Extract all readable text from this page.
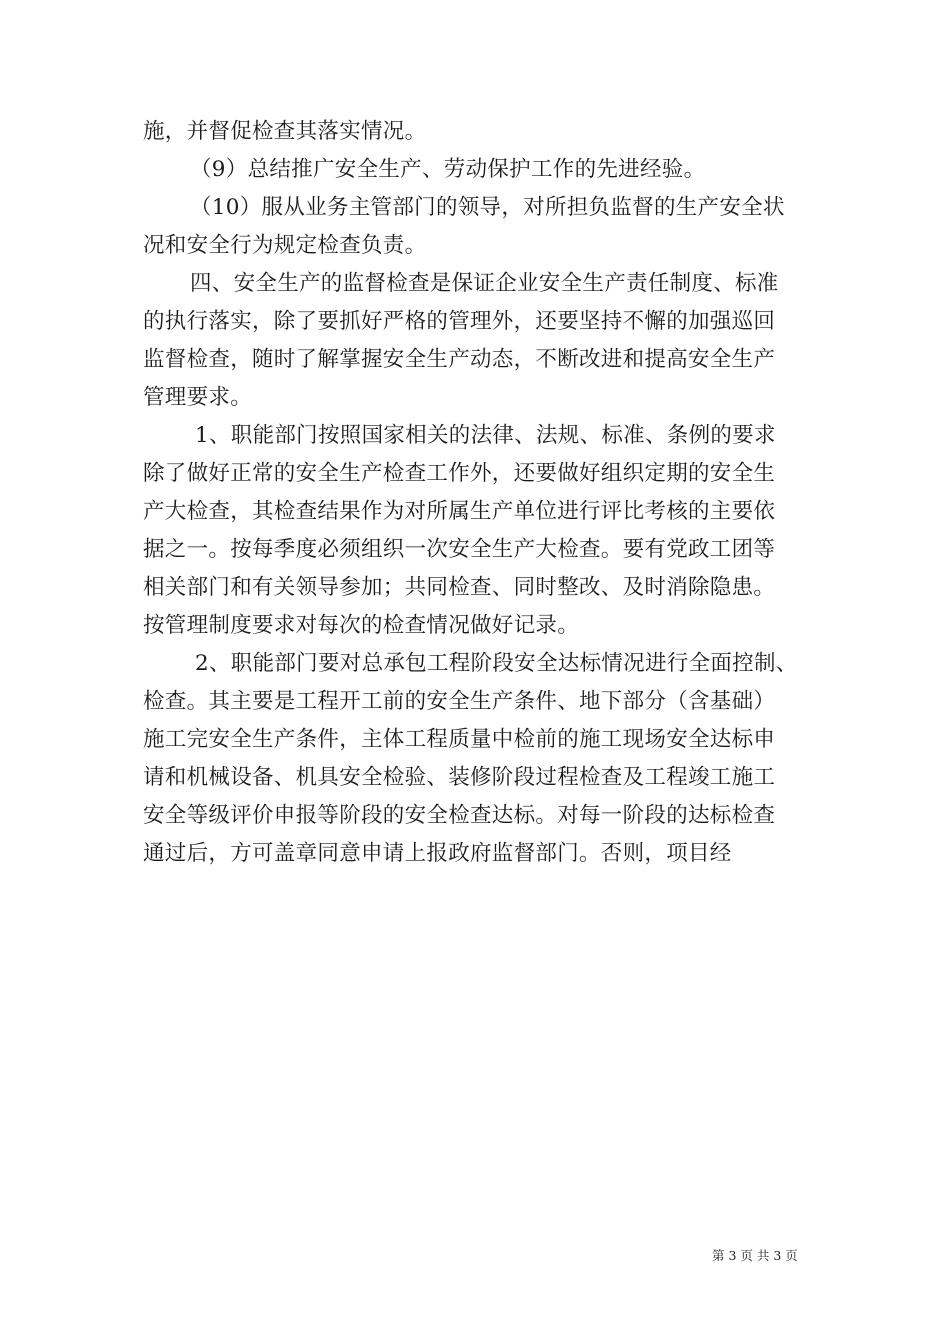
施，并督促检查其落实情况。
（9）总结推广安全生产、劳动保护工作的先进经验。
（10）服从业务主管部门的领导，对所担负监督的生产安全状
况和安全行为规定检查负责。
四、安全生产的监督检查是保证企业安全生产责任制度、标准
的执行落实，除了要抓好严格的管理外，还要坚持不懈的加强巡回
监督检查，随时了解掌握安全生产动态，不断改进和提高安全生产
管理要求。
1、职能部门按照国家相关的法律、法规、标准、条例的要求
除了做好正常的安全生产检查工作外，还要做好组织定期的安全生
产大检查，其检查结果作为对所属生产单位进行评比考核的主要依
据之一。按每季度必须组织一次安全生产大检查。要有党政工团等
相关部门和有关领导参加；共同检查、同时整改、及时消除隐患。
按管理制度要求对每次的检查情况做好记录。
2、职能部门要对总承包工程阶段安全达标情况进行全面控制、
检查。其主要是工程开工前的安全生产条件、地下部分（含基础）
施工完安全生产条件，主体工程质量中检前的施工现场安全达标申
请和机械设备、机具安全检验、装修阶段过程检查及工程竣工施工
安全等级评价申报等阶段的安全检查达标。对每一阶段的达标检查
通过后，方可盖章同意申请上报政府监督部门。否则，项目经
第 3 页 共 3 页
